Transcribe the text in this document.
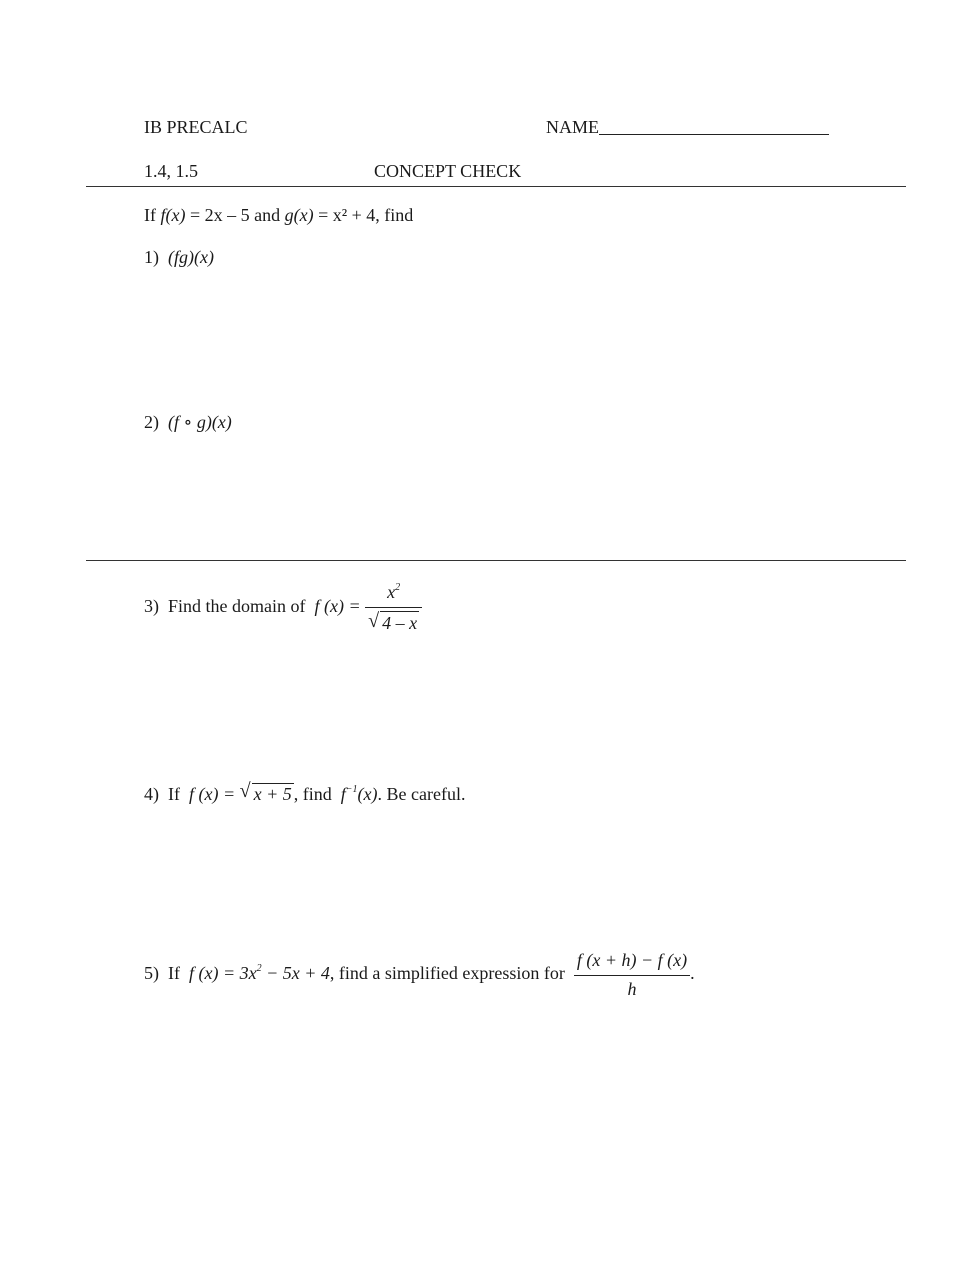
IB PRECALC	NAME
1.4, 1.5	CONCEPT CHECK
If f(x) = 2x – 5 and g(x) = x² + 4, find
1) (fg)(x)
2) (f ∘ g)(x)
3) Find the domain of f $(x) = \frac{x^2}{√ 4 - x}$
4) If f (x) = √ x + 5 , find $f^{-1}(x)$. Be careful.
5) If f $(x) = 3x^2 - 5x + 4$, find a simplified expression for $\frac{f (x + h) - f (x)}{h}$ .
